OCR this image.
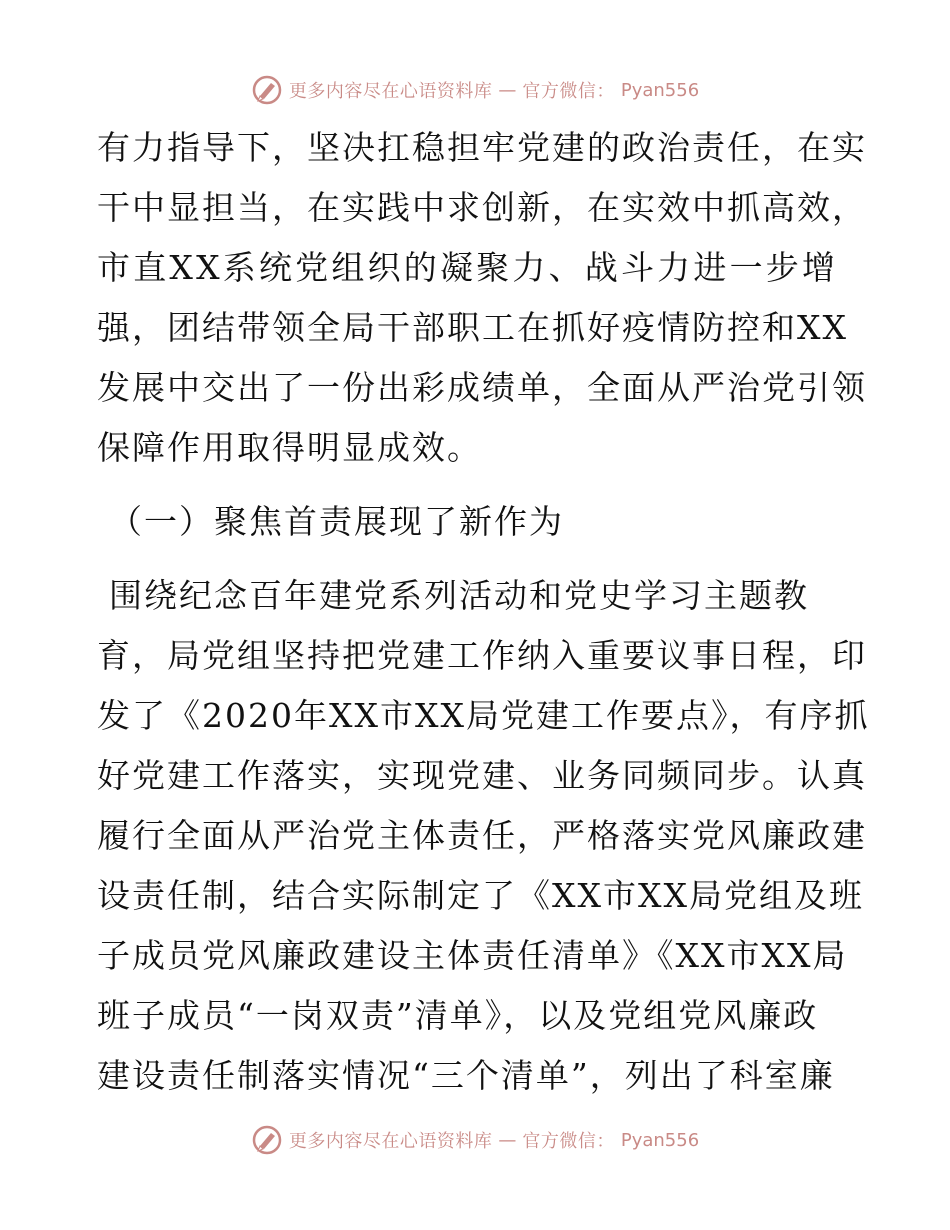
更多内容尽在心语资料库 — 官方微信： Pyan556
有力指导下，坚决扛稳担牢党建的政治责任，在实
干中显担当，在实践中求创新，在实效中抓高效，
市直XX系统党组织的凝聚力、战斗力进一步增
强，团结带领全局干部职工在抓好疫情防控和XX
发展中交出了一份出彩成绩单，全面从严治党引领
保障作用取得明显成效。
（一）聚焦首责展现了新作为
围绕纪念百年建党系列活动和党史学习主题教
育，局党组坚持把党建工作纳入重要议事日程，印
发了《2020年XX市XX局党建工作要点》，有序抓
好党建工作落实，实现党建、业务同频同步。认真
履行全面从严治党主体责任，严格落实党风廉政建
设责任制，结合实际制定了《XX市XX局党组及班
子成员党风廉政建设主体责任清单》《XX市XX局
班子成员“一岗双责”清单》，以及党组党风廉政
建设责任制落实情况“三个清单”，列出了科室廉
更多内容尽在心语资料库 — 官方微信： Pyan556
